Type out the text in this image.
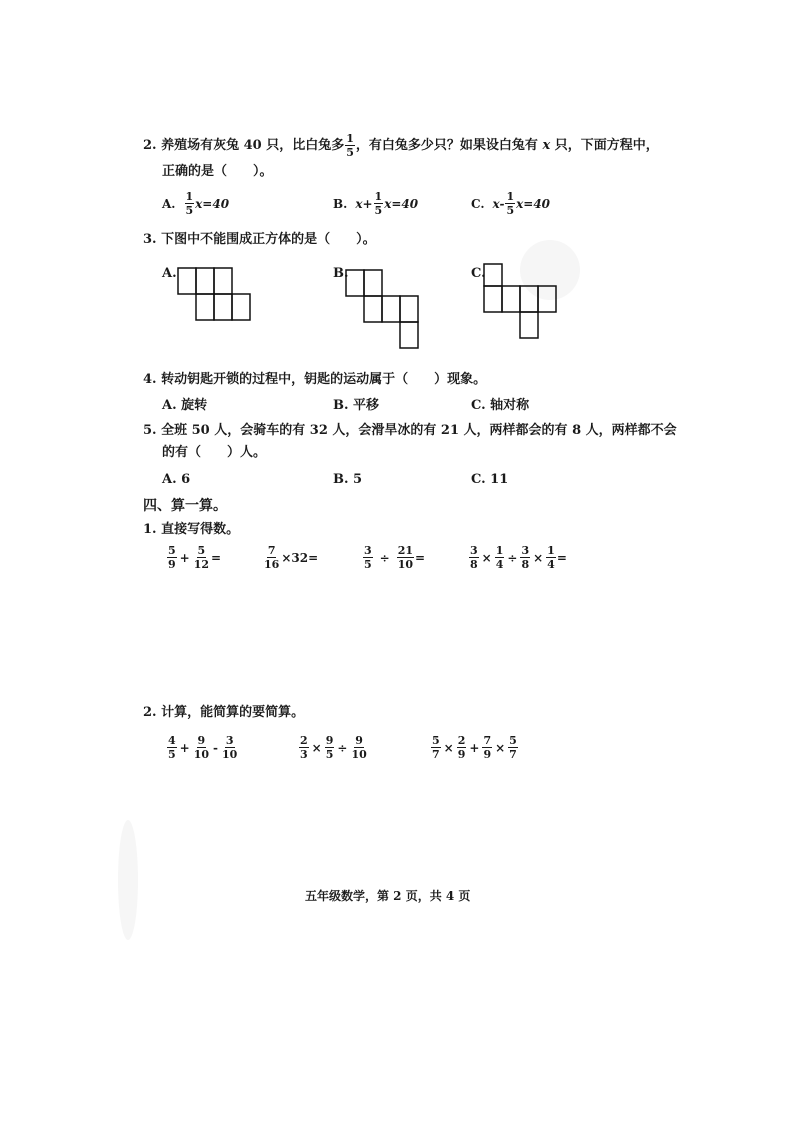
2. 养殖场有灰兔 40 只，比白兔多 $\frac{1}{5}$ ，有白兔多少只？如果设白兔有 x 只，下面方程中，
正确的是（　　）。
A. $\frac{1}{5} x=40$	B. $x+ \frac{1}{5} x=40$	C. $x- \frac{1}{5} x=40$
3. 下图中不能围成正方体的是（　　）。
A.	B.	C.
4. 转动钥匙开锁的过程中，钥匙的运动属于（　　）现象。
A. 旋转	B. 平移	C. 轴对称
5. 全班 50 人，会骑车的有 32 人，会滑旱冰的有 21 人，两样都会的有 8 人，两样都不会
的有（　　）人。
A. 6	B. 5	C. 11
四、算一算。
1. 直接写得数。
$\frac{5}{9} + \frac{5}{12}$ =	$\frac{7}{16} \times 32=$	$\frac{3}{5} \div \frac{21}{10}$ =	$\frac{3}{8} \times \frac{1}{4} \div \frac{3}{8} \times \frac{1}{4}$ =
2. 计算，能简算的要简算。
$\frac{4}{5} + \frac{9}{10} - \frac{3}{10}$	$\frac{2}{3} \times \frac{9}{5} \div \frac{9}{10}$	$\frac{5}{7} \times \frac{2}{9} + \frac{7}{9} \times \frac{5}{7}$
五年级数学，第 2 页，共 4 页
